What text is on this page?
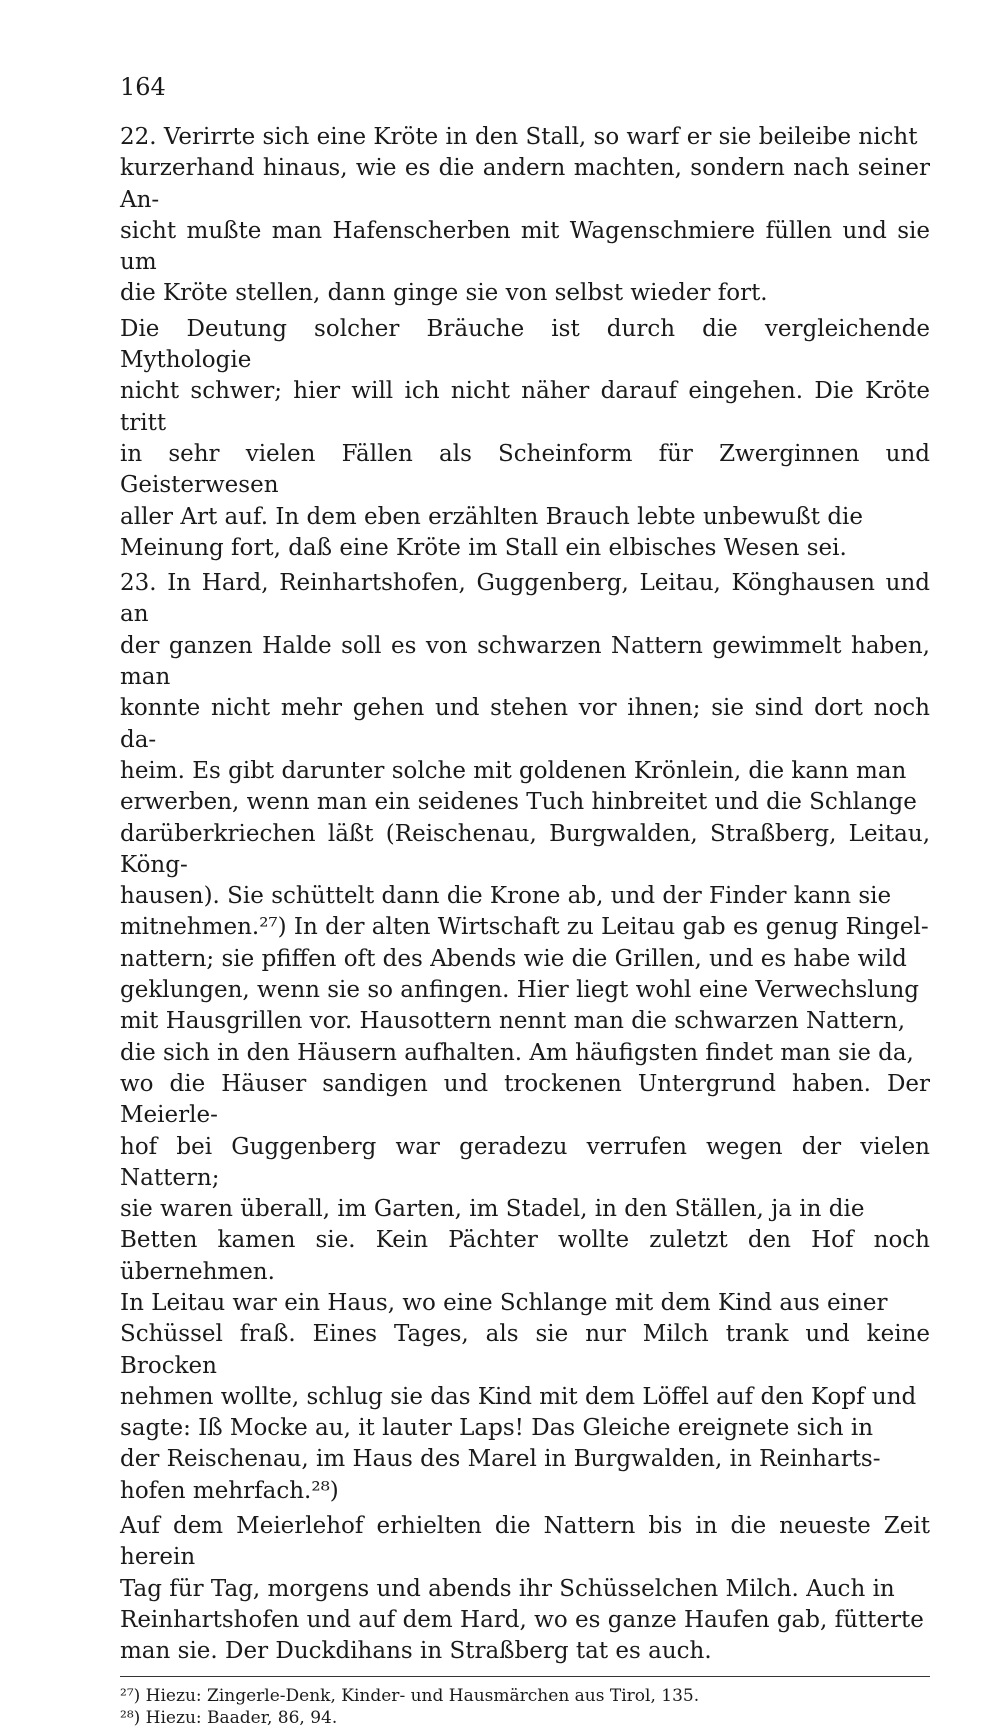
164

22. Verirrte sich eine Kröte in den Stall, so warf er sie beileibe nicht
kurzerhand hinaus, wie es die andern machten, sondern nach seiner An-
sicht mußte man Hafenscherben mit Wagenschmiere füllen und sie um
die Kröte stellen, dann ginge sie von selbst wieder fort.

Die Deutung solcher Bräuche ist durch die vergleichende Mythologie
nicht schwer; hier will ich nicht näher darauf eingehen. Die Kröte tritt
in sehr vielen Fällen als Scheinform für Zwerginnen und Geisterwesen
aller Art auf. In dem eben erzählten Brauch lebte unbewußt die
Meinung fort, daß eine Kröte im Stall ein elbisches Wesen sei.

23. In Hard, Reinhartshofen, Guggenberg, Leitau, Könghausen und an
der ganzen Halde soll es von schwarzen Nattern gewimmelt haben, man
konnte nicht mehr gehen und stehen vor ihnen; sie sind dort noch da-
heim. Es gibt darunter solche mit goldenen Krönlein, die kann man
erwerben, wenn man ein seidenes Tuch hinbreitet und die Schlange
darüberkriechen läßt (Reischenau, Burgwalden, Straßberg, Leitau, Köng-
hausen). Sie schüttelt dann die Krone ab, und der Finder kann sie
mitnehmen.²⁷) In der alten Wirtschaft zu Leitau gab es genug Ringel-
nattern; sie pfiffen oft des Abends wie die Grillen, und es habe wild
geklungen, wenn sie so anfingen. Hier liegt wohl eine Verwechslung
mit Hausgrillen vor. Hausottern nennt man die schwarzen Nattern,
die sich in den Häusern aufhalten. Am häufigsten findet man sie da,
wo die Häuser sandigen und trockenen Untergrund haben. Der Meierle-
hof bei Guggenberg war geradezu verrufen wegen der vielen Nattern;
sie waren überall, im Garten, im Stadel, in den Ställen, ja in die
Betten kamen sie. Kein Pächter wollte zuletzt den Hof noch übernehmen.
In Leitau war ein Haus, wo eine Schlange mit dem Kind aus einer
Schüssel fraß. Eines Tages, als sie nur Milch trank und keine Brocken
nehmen wollte, schlug sie das Kind mit dem Löffel auf den Kopf und
sagte: Iß Mocke au, it lauter Laps! Das Gleiche ereignete sich in
der Reischenau, im Haus des Marel in Burgwalden, in Reinharts-
hofen mehrfach.²⁸)

Auf dem Meierlehof erhielten die Nattern bis in die neueste Zeit herein
Tag für Tag, morgens und abends ihr Schüsselchen Milch. Auch in
Reinhartshofen und auf dem Hard, wo es ganze Haufen gab, fütterte
man sie. Der Duckdihans in Straßberg tat es auch.

²⁷) Hiezu: Zingerle-Denk, Kinder- und Hausmärchen aus Tirol, 135.
²⁸) Hiezu: Baader, 86, 94.
